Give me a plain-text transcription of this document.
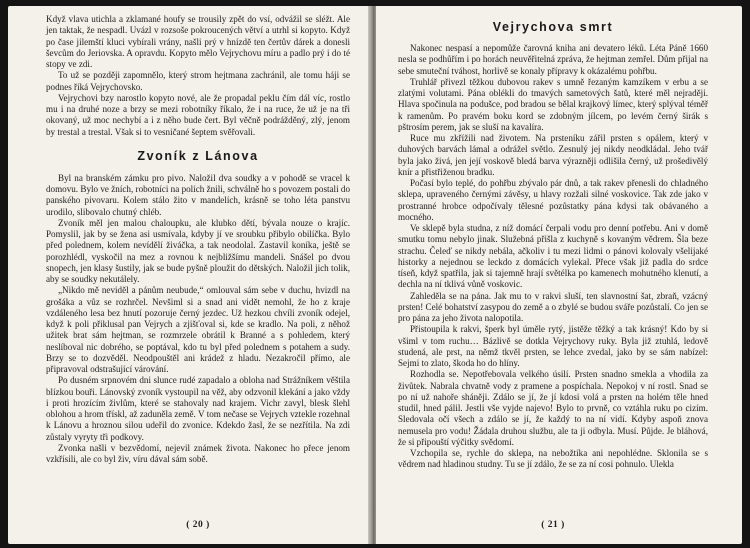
Když vlava utichla a zklamané houfy se trousily zpět do vsí, odvážil se sléžt. Ale jen taktak, že nespadl. Uvázl v rozsoše pokroucených větví a utrhl si kopyto. Když po čase jilemští kluci vybírali vrány, našli prý v hnízdě ten čertův dárek a donesli ševcům do Jeriovska. A opravdu. Kopyto mělo Vejrychovu míru a padlo prý i do té stopy ve zdi.

To už se později zapomnělo, který strom hejtmana zachránil, ale tomu háji se podnes říká Vejrychovsko.

Vejrychovi bzy narostlo kopyto nové, ale že propadal peklu čím dál víc, rostlo mu i na druhé noze a brzy se mezi robotníky říkalo, že i na ruce, že už je na tři okovaný, už moc nechybí a i z něho bude čert. Byl věčně podrážděný, zlý, jenom by trestal a trestal. Však si to vesničané šeptem svěřovali.

Zvoník z Lánova

Byl na branském zámku pro pivo. Naložil dva soudky a v pohodě se vracel k domovu. Bylo ve žních, robotníci na polích žnili, schválně ho s povozem postali do panského pivovaru. Kolem stálo žito v mandelích, krásně se toho léta panstvu urodilo, slibovalo chutný chléb.

Zvoník měl jen malou chaloupku, ale klubko dětí, bývala nouze o krajíc. Pomyslil, jak by se žena asi usmívala, kdyby jí ve sroubku přibylo obilíčka. Bylo před polednem, kolem nevídělí živáčka, a tak neodolal. Zastavil koníka, ještě se porozhlédl, vyskočil na mez a rovnou k nejbližšímu mandeli. Snášel po dvou snopech, jen klasy šustily, jak se bude pyšně ploužit do dětských. Naložil jich tolik, aby se soudky nekutálely.

„Nikdo mě neviděl a pánům neubude,“ omlouval sám sebe v duchu, hvizdl na grošáka a vůz se rozhrčel. Nevšiml si a snad ani vidět nemohl, že ho z kraje vzdáleného lesa bez hnutí pozoruje černý jezdec. Už hezkou chvíli zvoník odejel, když k poli přiklusal pan Vejrych a zjišťoval si, kde se kradlo. Na poli, z něhož užitek brat sám hejtman, se rozmrzele obrátil k Branné a s pohledem, který neslíboval nic dobrého, se poptával, kdo tu byl před polednem s potahem a sudy. Brzy se to dozvěděl. Neodpouštěl ani krádež z hladu. Nezakročil přímo, ale připravoval odstrašující várování.

Po dusném srpnovém dni slunce rudé zapadalo a obloha nad Strážníkem věštila blízkou bouři. Lánovský zvoník vystoupil na věž, aby odzvonil klekání a jako vždy i proti hrozícím živlům, které se stahovaly nad krajem. Vichr zavyl, blesk šlehl oblohou a hrom třískl, až zaduněla země. V tom nečase se Vejrych vztekle rozehnal k Lánovu a hroznou silou udeřil do zvonice. Kdekdo žasl, že se nezřítila. Na zdi zůstaly vyryty tři podkovy.

Zvonka našli v bezvědomí, nejevil známek života. Nakonec ho přece jenom vzkřísili, ale co byl živ, víru dával sám sobě.

( 20 )
Vejrychova smrt

Nakonec nespasí a nepomůže čarovná kniha ani devatero léků. Léta Páně 1660 nesla se podhůřím i po horách neuvěřitelná zpráva, že hejtman zemřel. Dům přijal na sebe smuteční tváhost, horlivě se konaly přípravy k okázalému pohřbu.

Truhlář přivezl těžkou dubovou rakev s umně řezaným kamzíkem v erbu a se zlatými volutami. Pána oblékli do tmavých sametových šatů, které měl nejraději. Hlava spočinula na podušce, pod bradou se bělal krajkový límec, který splýval téměř k ramenům. Po pravém boku kord se zdobným jílcem, po levém černý širák s pštrosím perem, jak se sluší na kavalíra.

Ruce mu zkřížili nad životem. Na prsteníku zářil prsten s opálem, který v duhových barvách lámal a odrážel světlo. Zesnulý jej nikdy neodkládal. Jeho tvář byla jako živá, jen její voskově bledá barva výrazněji odlišila černý, už prošedivělý knír a přistřiženou bradku.

Počasí bylo teplé, do pohřbu zbývalo pár dnů, a tak rakev přenesli do chladného sklepa, upraveného černými závěsy, u hlavy rozžali silné voskovice. Tak zde jako v prostranné hrobce odpočívaly tělesné pozůstatky pána kdysi tak obávaného a mocného.

Ve sklepě byla studna, z níž domácí čerpali vodu pro denní potřebu. Ani v domě smutku tomu nebylo jinak. Služebná přišla z kuchyně s kovaným vědrem. Šla beze strachu. Čeleď se nikdy nebála, ačkoliv i tu mezi lidmi o pánovi kolovaly všelijaké historky a nejednou se leckdo z domácích vylekal. Přece však již padla do srdce tíseň, když spatřila, jak si tajemně hrají světélka po kamenech mohutného klenutí, a dechla na ní tklivá vůně voskovic.

Zahleděla se na pána. Jak mu to v rakvi sluší, ten slavnostní šat, zbraň, vzácný prsten! Celé bohatství zasypou do země a o zbylé se budou sváře pozůstalí. Co jen se pro pána za jeho života nalopotila.

Přistoupila k rakvi, šperk byl úměle rytý, jistěže těžký a tak krásný! Kdo by si všiml v tom ruchu… Bázlivě se dotkla Vejrychovy ruky. Byla již ztuhlá, ledově studená, ale prst, na němž tkvěl prsten, se lehce zvedal, jako by se sám nabízel: Sejmi to zlato, škoda ho do hlíny.

Rozhodla se. Nepotřebovala velkého úsilí. Prsten snadno smekla a vhodila za živůtek. Nabrala chvatně vody z pramene a pospíchala. Nepokoj v ní rostl. Snad se po ní už nahoře sháněji. Zdálo se jí, že jí kdosi volá a prsten na holém těle hned studil, hned pálil. Jestli vše vyjde najevo! Bylo to prvně, co vztáhla ruku po cizím. Sledovala očí všech a zdálo se jí, že každý to na ní vidí. Kdyby aspoň znova nemusela pro vodu! Žádala druhou službu, ale ta ji odbyla. Musí. Půjde. Je bláhová, že si připouští výčitky svědomí.

Vzchopila se, rychle do sklepa, na nebožtíka ani nepohlédne. Sklonila se s vědrem nad hladinou studny. Tu se jí zdálo, že se za ní cosi pohnulo. Ulekla

( 21 )
